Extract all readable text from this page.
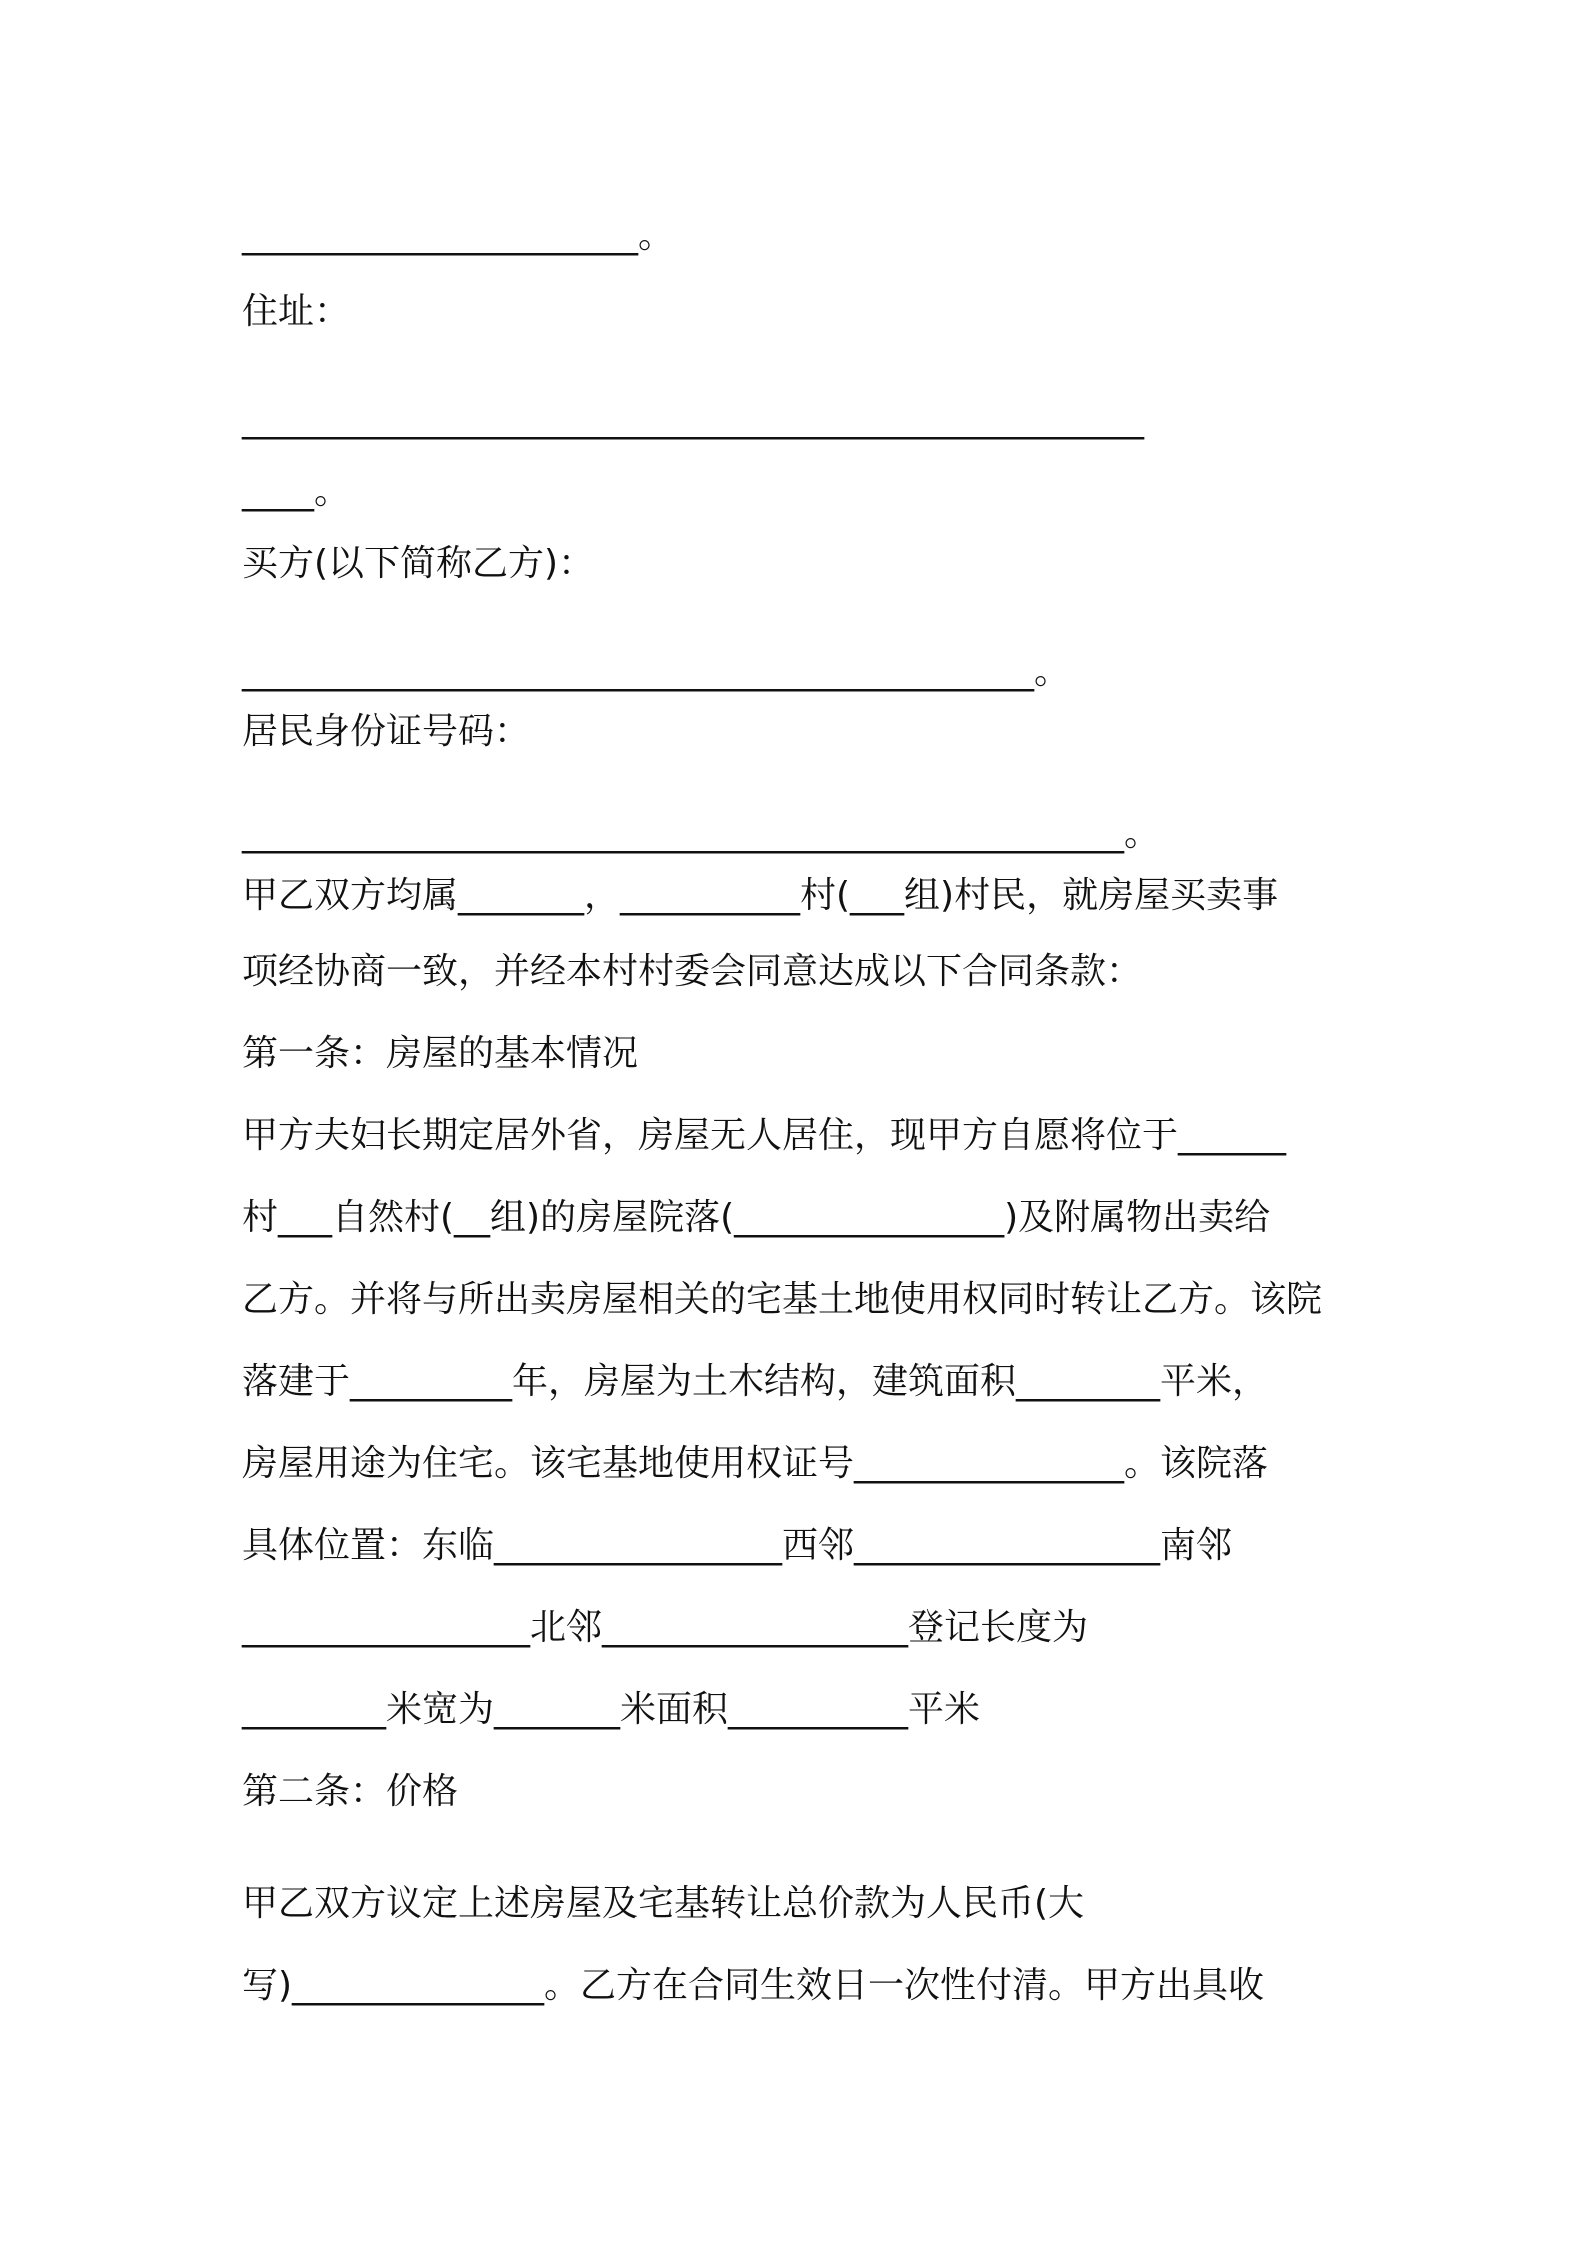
______________________。
住址：
_____________________________________________________
____。
买方(以下简称乙方)：
____________________________________________。
居民身份证号码：
_________________________________________________。
甲乙双方均属_______，__________村(___组)村民，就房屋买卖事
项经协商一致，并经本村村委会同意达成以下合同条款：
第一条：房屋的基本情况
甲方夫妇长期定居外省，房屋无人居住，现甲方自愿将位于______
村___自然村(__组)的房屋院落(_______________)及附属物出卖给
乙方。并将与所出卖房屋相关的宅基土地使用权同时转让乙方。该院
落建于_________年，房屋为土木结构，建筑面积________平米，
房屋用途为住宅。该宅基地使用权证号_______________。该院落
具体位置：东临________________西邻_________________南邻
________________北邻_________________登记长度为
________米宽为_______米面积__________平米
第二条：价格
甲乙双方议定上述房屋及宅基转让总价款为人民币(大
写)______________。乙方在合同生效日一次性付清。甲方出具收
